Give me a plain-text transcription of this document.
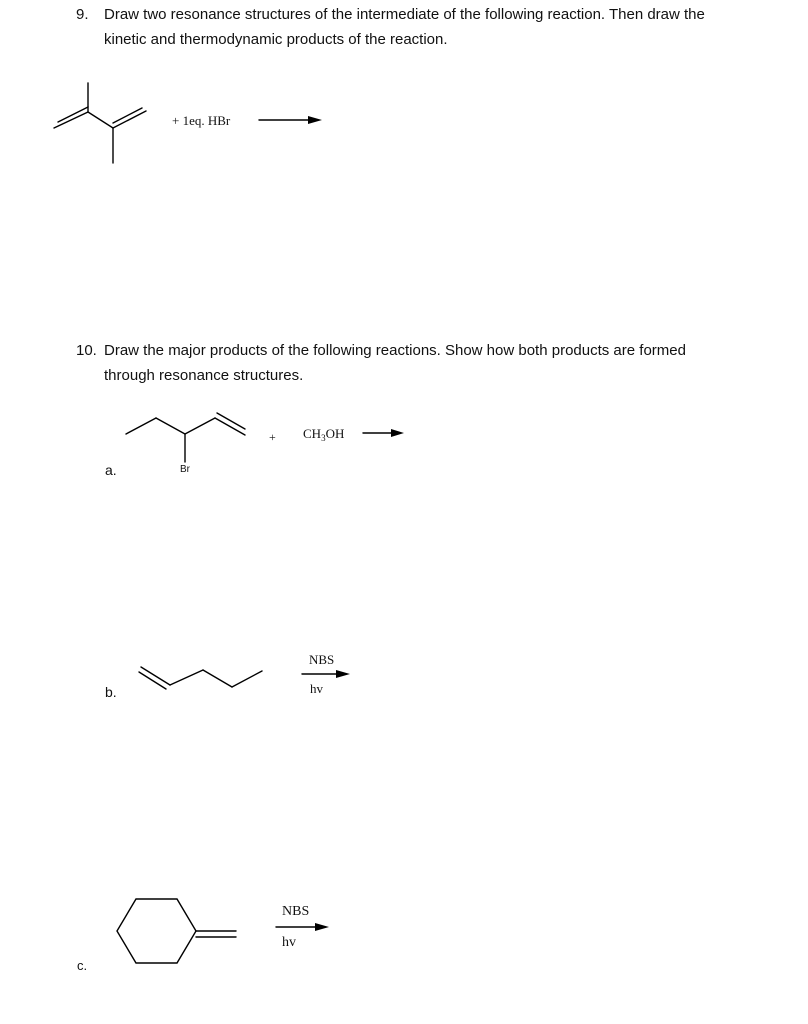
9. Draw two resonance structures of the intermediate of the following reaction. Then draw the
kinetic and thermodynamic products of the reaction.
10. Draw the major products of the following reactions. Show how both products are formed
through resonance structures.
+ 1eq. HBr
a.	Br
+ $CH_3OH$
b.
NBS
hv
c.
NBS
hv
